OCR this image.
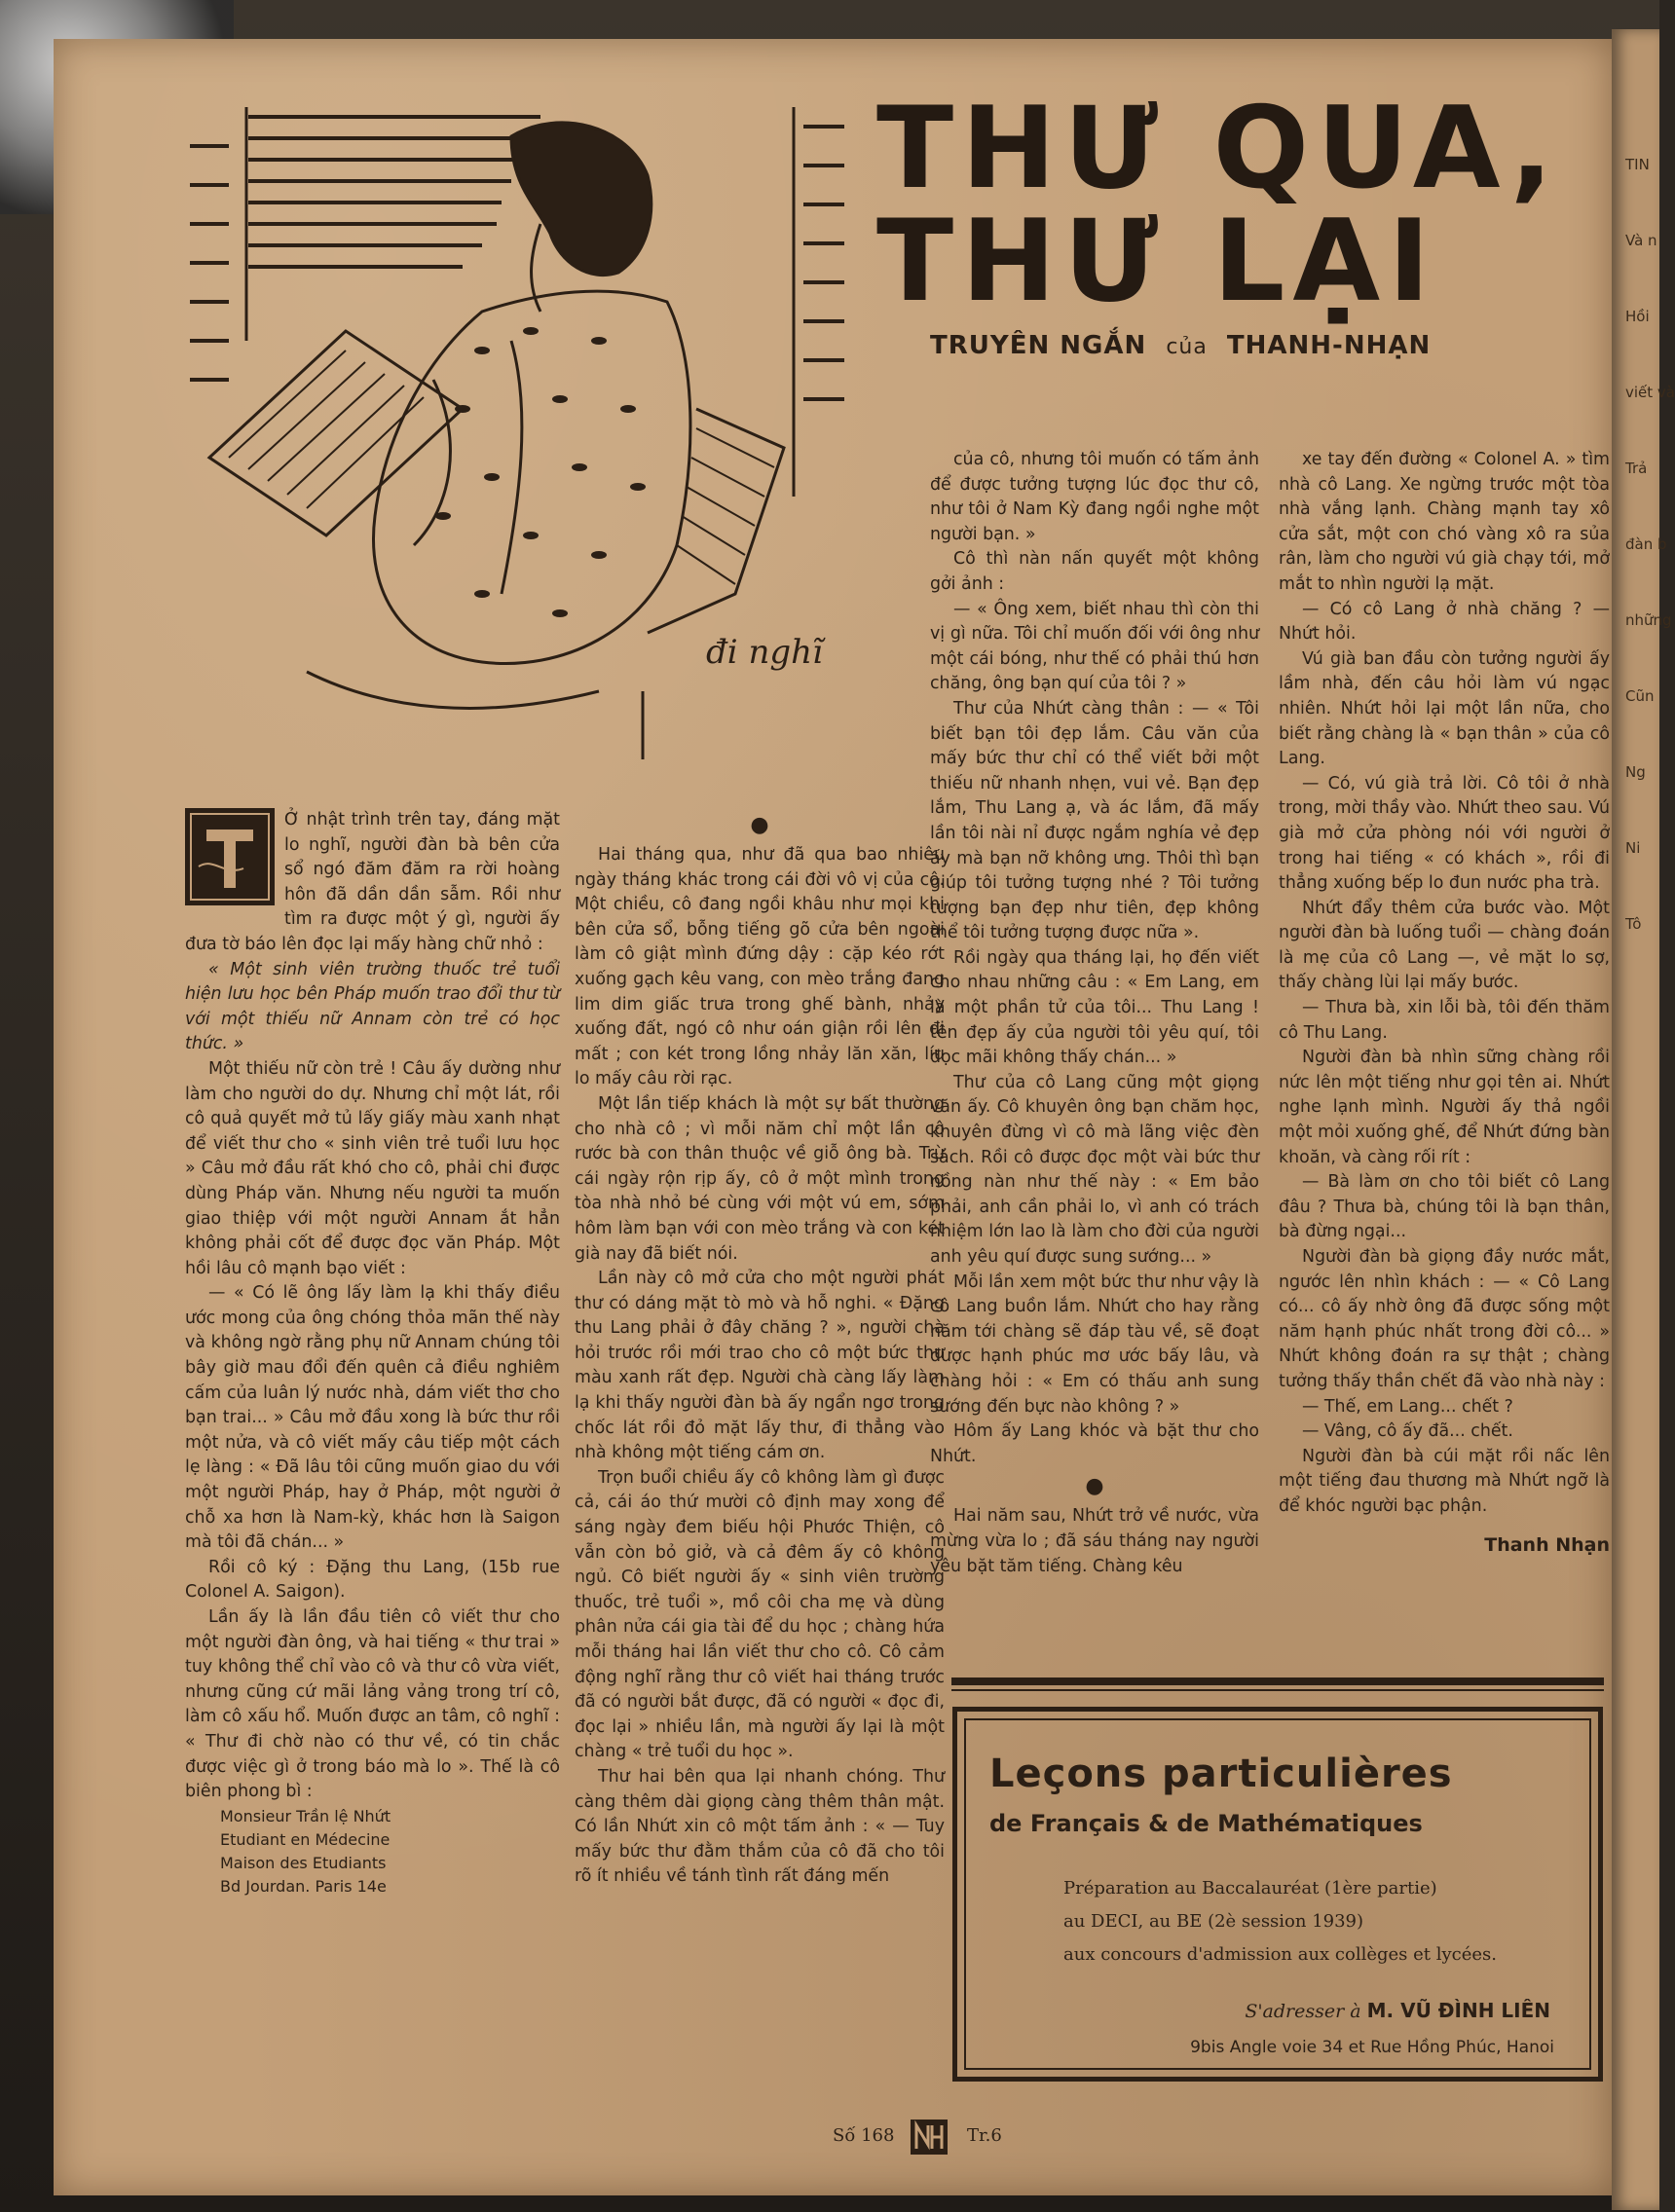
TIN
Và n
Hồi
viết và
Trả
đàn b
những
Cũn
Ng
Ni
Tô
đi nghĩ
THƯ QUA,
THƯ LẠI
TRUYÊN NGẮN của THANH-NHẠN

Ở nhật trình trên tay, đáng mặt lo nghĩ, người đàn bà bên cửa sổ ngó đăm đăm ra rời hoàng hôn đã dần dần sẫm. Rồi như tìm ra được một ý gì, người ấy đưa tờ báo lên đọc lại mấy hàng chữ nhỏ :

« Một sinh viên trường thuốc trẻ tuổi hiện lưu học bên Pháp muốn trao đổi thư từ với một thiếu nữ Annam còn trẻ có học thức. »

Một thiếu nữ còn trẻ ! Câu ấy dường như làm cho người do dự. Nhưng chỉ một lát, rồi cô quả quyết mở tủ lấy giấy màu xanh nhạt để viết thư cho « sinh viên trẻ tuổi lưu học » Câu mở đầu rất khó cho cô, phải chi được dùng Pháp văn. Nhưng nếu người ta muốn giao thiệp với một người Annam ắt hẳn không phải cốt để được đọc văn Pháp. Một hồi lâu cô mạnh bạo viết :

— « Có lẽ ông lấy làm lạ khi thấy điều ước mong của ông chóng thỏa mãn thế này và không ngờ rằng phụ nữ Annam chúng tôi bây giờ mau đổi đến quên cả điều nghiêm cấm của luân lý nước nhà, dám viết thơ cho bạn trai... » Câu mở đầu xong là bức thư rồi một nửa, và cô viết mấy câu tiếp một cách lẹ làng : « Đã lâu tôi cũng muốn giao du với một người Pháp, hay ở Pháp, một người ở chỗ xa hơn là Nam-kỳ, khác hơn là Saigon mà tôi đã chán... »

Rồi cô ký : Đặng thu Lang, (15b rue Colonel A. Saigon).

Lần ấy là lần đầu tiên cô viết thư cho một người đàn ông, và hai tiếng « thư trai » tuy không thể chỉ vào cô và thư cô vừa viết, nhưng cũng cứ mãi lảng vảng trong trí cô, làm cô xấu hổ. Muốn được an tâm, cô nghĩ : « Thư đi chờ nào có thư về, có tin chắc được việc gì ở trong báo mà lo ». Thế là cô biên phong bì :

Monsieur Trần lệ Nhứt

Etudiant en Médecine

Maison des Etudiants

Bd Jourdan. Paris 14e

●

Hai tháng qua, như đã qua bao nhiêu ngày tháng khác trong cái đời vô vị của cô. Một chiều, cô đang ngồi khâu như mọi khi bên cửa sổ, bỗng tiếng gõ cửa bên ngoài làm cô giật mình đứng dậy : cặp kéo rớt xuống gạch kêu vang, con mèo trắng đang lim dim giấc trưa trong ghế bành, nhảy xuống đất, ngó cô như oán giận rồi lên đi mất ; con két trong lồng nhảy lăn xăn, líu lo mấy câu rời rạc.

Một lần tiếp khách là một sự bất thường cho nhà cô ; vì mỗi năm chỉ một lần cô rước bà con thân thuộc về giỗ ông bà. Trừ cái ngày rộn rịp ấy, cô ở một mình trong tòa nhà nhỏ bé cùng với một vú em, sớm hôm làm bạn với con mèo trắng và con két già nay đã biết nói.

Lần này cô mở cửa cho một người phát thư có dáng mặt tò mò và hỗ nghi. « Đặng thu Lang phải ở đây chăng ? », người chà hỏi trước rồi mới trao cho cô một bức thư màu xanh rất đẹp. Người chà càng lấy làm lạ khi thấy người đàn bà ấy ngẩn ngơ trong chốc lát rồi đỏ mặt lấy thư, đi thẳng vào nhà không một tiếng cám ơn.

Trọn buổi chiều ấy cô không làm gì được cả, cái áo thứ mười cô định may xong để sáng ngày đem biếu hội Phước Thiện, cô vẫn còn bỏ giở, và cả đêm ấy cô không ngủ. Cô biết người ấy « sinh viên trường thuốc, trẻ tuổi », mồ côi cha mẹ và dùng phân nửa cái gia tài để du học ; chàng hứa mỗi tháng hai lần viết thư cho cô. Cô cảm động nghĩ rằng thư cô viết hai tháng trước đã có người bắt được, đã có người « đọc đi, đọc lại » nhiều lần, mà người ấy lại là một chàng « trẻ tuổi du học ».

Thư hai bên qua lại nhanh chóng. Thư càng thêm dài giọng càng thêm thân mật. Có lần Nhứt xin cô một tấm ảnh : « — Tuy mấy bức thư đằm thắm của cô đã cho tôi rõ ít nhiều về tánh tình rất đáng mến

của cô, nhưng tôi muốn có tấm ảnh để được tưởng tượng lúc đọc thư cô, như tôi ở Nam Kỳ đang ngồi nghe một người bạn. »

Cô thì nàn nấn quyết một không gởi ảnh :

— « Ông xem, biết nhau thì còn thi vị gì nữa. Tôi chỉ muốn đối với ông như một cái bóng, như thế có phải thú hơn chăng, ông bạn quí của tôi ? »

Thư của Nhứt càng thân : — « Tôi biết bạn tôi đẹp lắm. Câu văn của mấy bức thư chỉ có thể viết bởi một thiếu nữ nhanh nhẹn, vui vẻ. Bạn đẹp lắm, Thu Lang ạ, và ác lắm, đã mấy lần tôi nài nỉ được ngắm nghía vẻ đẹp ấy mà bạn nỡ không ưng. Thôi thì bạn giúp tôi tưởng tượng nhé ? Tôi tưởng tượng bạn đẹp như tiên, đẹp không thể tôi tưởng tượng được nữa ».

Rồi ngày qua tháng lại, họ đến viết cho nhau những câu : « Em Lang, em là một phần tử của tôi... Thu Lang ! tên đẹp ấy của người tôi yêu quí, tôi đọc mãi không thấy chán... »

Thư của cô Lang cũng một giọng văn ấy. Cô khuyên ông bạn chăm học, khuyên đừng vì cô mà lãng việc đèn sách. Rồi cô được đọc một vài bức thư nồng nàn như thế này : « Em bảo phải, anh cần phải lo, vì anh có trách nhiệm lớn lao là làm cho đời của người anh yêu quí được sung sướng... »

Mỗi lần xem một bức thư như vậy là cô Lang buồn lắm. Nhứt cho hay rằng năm tới chàng sẽ đáp tàu về, sẽ đoạt được hạnh phúc mơ ước bấy lâu, và chàng hỏi : « Em có thấu anh sung sướng đến bực nào không ? »

Hôm ấy Lang khóc và bặt thư cho Nhứt.

●

Hai năm sau, Nhứt trở về nước, vừa mừng vừa lo ; đã sáu tháng nay người yêu bặt tăm tiếng. Chàng kêu

xe tay đến đường « Colonel A. » tìm nhà cô Lang. Xe ngừng trước một tòa nhà vắng lạnh. Chàng mạnh tay xô cửa sắt, một con chó vàng xô ra sủa rân, làm cho người vú già chạy tới, mở mắt to nhìn người lạ mặt.

— Có cô Lang ở nhà chăng ? — Nhứt hỏi.

Vú già ban đầu còn tưởng người ấy lầm nhà, đến câu hỏi làm vú ngạc nhiên. Nhứt hỏi lại một lần nữa, cho biết rằng chàng là « bạn thân » của cô Lang.

— Có, vú già trả lời. Cô tôi ở nhà trong, mời thầy vào. Nhứt theo sau. Vú già mở cửa phòng nói với người ở trong hai tiếng « có khách », rồi đi thẳng xuống bếp lo đun nước pha trà.

Nhứt đẩy thêm cửa bước vào. Một người đàn bà luống tuổi — chàng đoán là mẹ của cô Lang —, vẻ mặt lo sợ, thấy chàng lùi lại mấy bước.

— Thưa bà, xin lỗi bà, tôi đến thăm cô Thu Lang.

Người đàn bà nhìn sững chàng rồi nức lên một tiếng như gọi tên ai. Nhứt nghe lạnh mình. Người ấy thả ngồi một mỏi xuống ghế, để Nhứt đứng bàn khoăn, và càng rối rít :

— Bà làm ơn cho tôi biết cô Lang đâu ? Thưa bà, chúng tôi là bạn thân, bà đừng ngại...

Người đàn bà giọng đầy nước mắt, ngước lên nhìn khách : — « Cô Lang có... cô ấy nhờ ông đã được sống một năm hạnh phúc nhất trong đời cô... » Nhứt không đoán ra sự thật ; chàng tưởng thấy thần chết đã vào nhà này :

— Thế, em Lang... chết ?

— Vâng, cô ấy đã... chết.

Người đàn bà cúi mặt rồi nấc lên một tiếng đau thương mà Nhứt ngỡ là để khóc người bạc phận.

Thanh Nhạn

Leçons particulières
de Français & de Mathématiques
Préparation au Baccalauréat (1ère partie)
au DECI, au BE (2è session 1939)
aux concours d'admission aux collèges et lycées.
S'adresser à M. VŨ ĐÌNH LIÊN
9bis Angle voie 34 et Rue Hồng Phúc, Hanoi
Số 168	Tr.6
